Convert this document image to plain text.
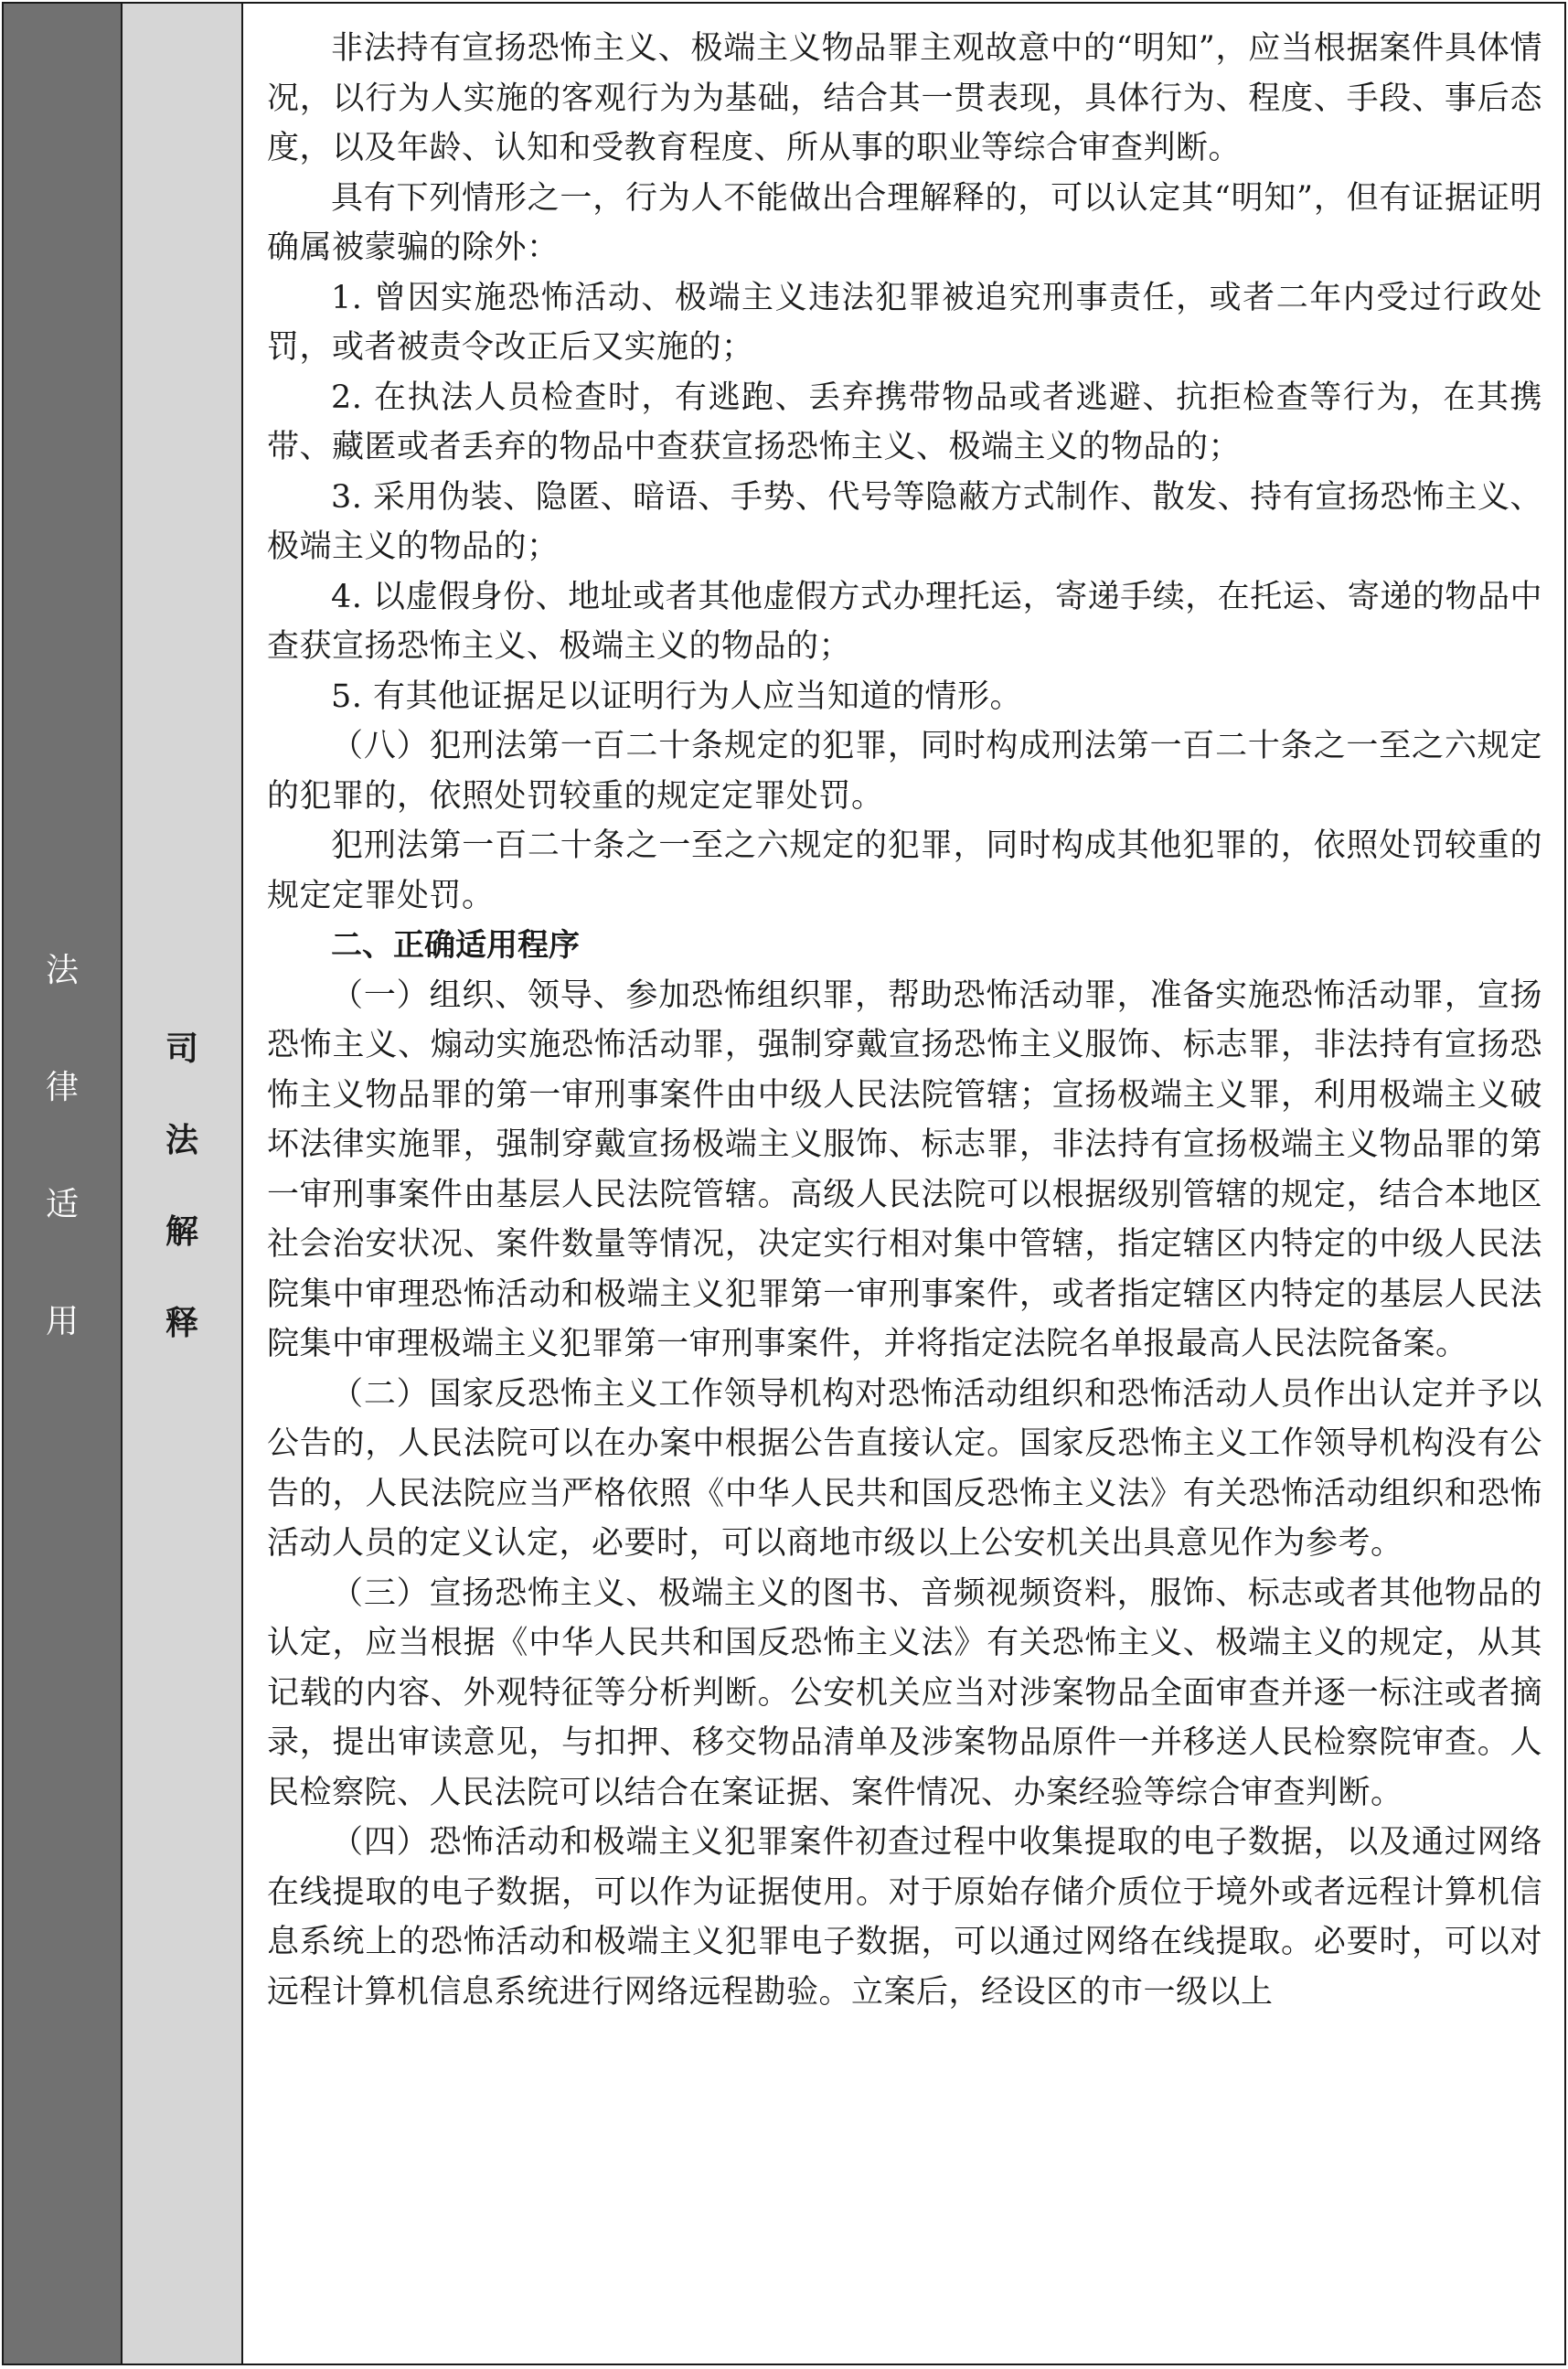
法
律
适
用
司
法
解
释

非法持有宣扬恐怖主义、极端主义物品罪主观故意中的“明知”，应当根据案件具体情况，以行为人实施的客观行为为基础，结合其一贯表现，具体行为、程度、手段、事后态度，以及年龄、认知和受教育程度、所从事的职业等综合审查判断。

具有下列情形之一，行为人不能做出合理解释的，可以认定其“明知”，但有证据证明确属被蒙骗的除外：

1. 曾因实施恐怖活动、极端主义违法犯罪被追究刑事责任，或者二年内受过行政处罚，或者被责令改正后又实施的；

2. 在执法人员检查时，有逃跑、丢弃携带物品或者逃避、抗拒检查等行为，在其携带、藏匿或者丢弃的物品中查获宣扬恐怖主义、极端主义的物品的；

3. 采用伪装、隐匿、暗语、手势、代号等隐蔽方式制作、散发、持有宣扬恐怖主义、极端主义的物品的；

4. 以虚假身份、地址或者其他虚假方式办理托运，寄递手续，在托运、寄递的物品中查获宣扬恐怖主义、极端主义的物品的；

5. 有其他证据足以证明行为人应当知道的情形。

（八）犯刑法第一百二十条规定的犯罪，同时构成刑法第一百二十条之一至之六规定的犯罪的，依照处罚较重的规定定罪处罚。

犯刑法第一百二十条之一至之六规定的犯罪，同时构成其他犯罪的，依照处罚较重的规定定罪处罚。

二、正确适用程序

（一）组织、领导、参加恐怖组织罪，帮助恐怖活动罪，准备实施恐怖活动罪，宣扬恐怖主义、煽动实施恐怖活动罪，强制穿戴宣扬恐怖主义服饰、标志罪，非法持有宣扬恐怖主义物品罪的第一审刑事案件由中级人民法院管辖；宣扬极端主义罪，利用极端主义破坏法律实施罪，强制穿戴宣扬极端主义服饰、标志罪，非法持有宣扬极端主义物品罪的第一审刑事案件由基层人民法院管辖。高级人民法院可以根据级别管辖的规定，结合本地区社会治安状况、案件数量等情况，决定实行相对集中管辖，指定辖区内特定的中级人民法院集中审理恐怖活动和极端主义犯罪第一审刑事案件，或者指定辖区内特定的基层人民法院集中审理极端主义犯罪第一审刑事案件，并将指定法院名单报最高人民法院备案。

（二）国家反恐怖主义工作领导机构对恐怖活动组织和恐怖活动人员作出认定并予以公告的，人民法院可以在办案中根据公告直接认定。国家反恐怖主义工作领导机构没有公告的，人民法院应当严格依照《中华人民共和国反恐怖主义法》有关恐怖活动组织和恐怖活动人员的定义认定，必要时，可以商地市级以上公安机关出具意见作为参考。

（三）宣扬恐怖主义、极端主义的图书、音频视频资料，服饰、标志或者其他物品的认定，应当根据《中华人民共和国反恐怖主义法》有关恐怖主义、极端主义的规定，从其记载的内容、外观特征等分析判断。公安机关应当对涉案物品全面审查并逐一标注或者摘录，提出审读意见，与扣押、移交物品清单及涉案物品原件一并移送人民检察院审查。人民检察院、人民法院可以结合在案证据、案件情况、办案经验等综合审查判断。

（四）恐怖活动和极端主义犯罪案件初查过程中收集提取的电子数据，以及通过网络在线提取的电子数据，可以作为证据使用。对于原始存储介质位于境外或者远程计算机信息系统上的恐怖活动和极端主义犯罪电子数据，可以通过网络在线提取。必要时，可以对远程计算机信息系统进行网络远程勘验。立案后，经设区的市一级以上
